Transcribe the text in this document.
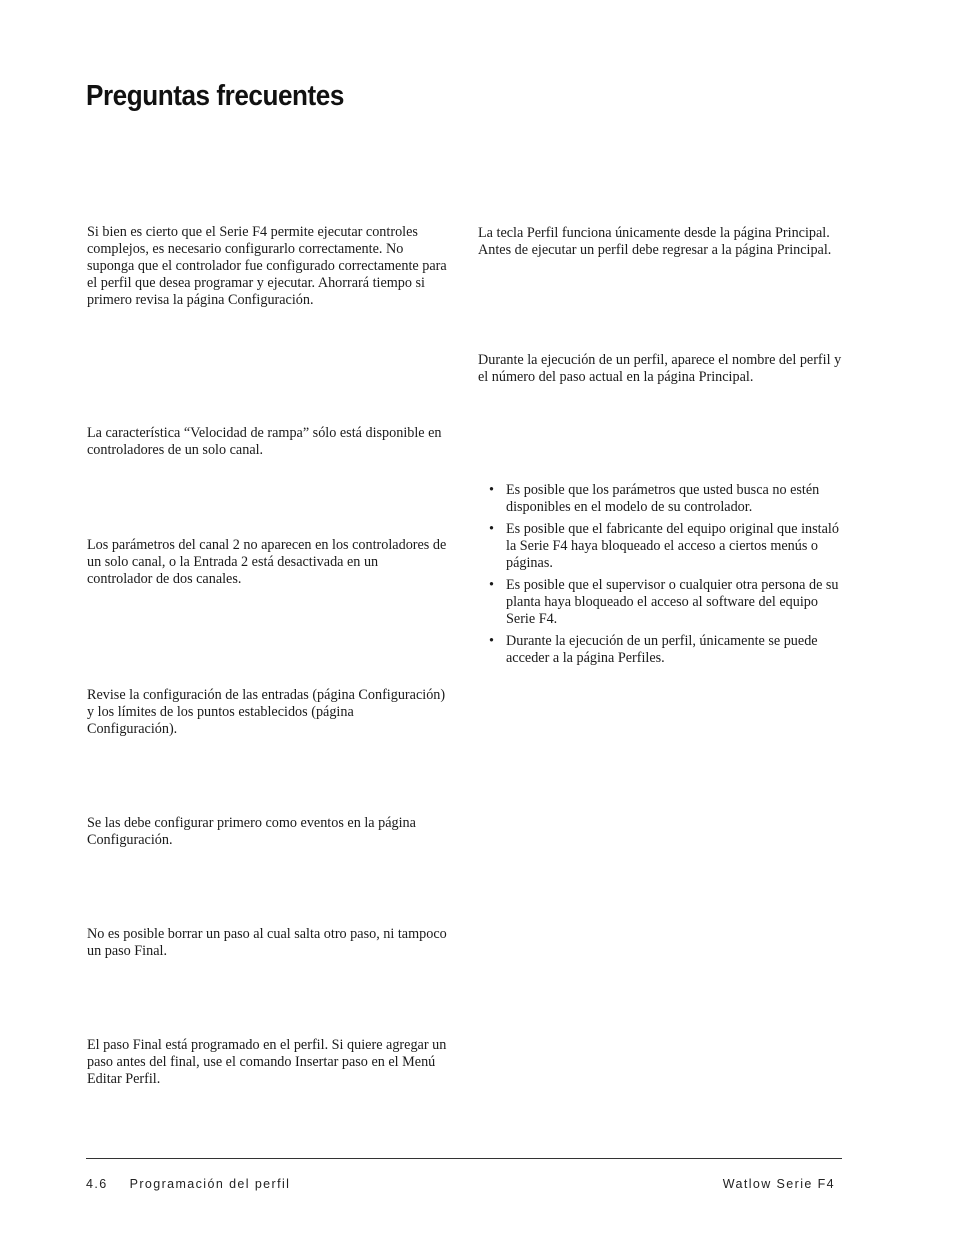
Preguntas frecuentes

Si bien es cierto que el Serie F4 permite ejecutar controles complejos, es necesario configurarlo correctamente. No suponga que el controlador fue configurado correctamente para el perfil que desea programar y ejecutar. Ahorrará tiempo si primero revisa la página Configuración.

La característica “Velocidad de rampa” sólo está disponible en controladores de un solo canal.

Los parámetros del canal 2 no aparecen en los controladores de un solo canal, o la Entrada 2 está desactivada en un controlador de dos canales.

Revise la configuración de las entradas (página Configuración) y los límites de los puntos establecidos (página Configuración).

Se las debe configurar primero como eventos en la página Configuración.

No es posible borrar un paso al cual salta otro paso, ni tampoco un paso Final.

El paso Final está programado en el perfil. Si quiere agregar un paso antes del final, use el comando Insertar paso en el Menú Editar Perfil.

La tecla Perfil funciona únicamente desde la página Principal. Antes de ejecutar un perfil debe regresar a la página Principal.

Durante la ejecución de un perfil, aparece el nombre del perfil y el número del paso actual en la página Principal.

• Es posible que los parámetros que usted busca no estén disponibles en el modelo de su controlador.
• Es posible que el fabricante del equipo original que instaló la Serie F4 haya bloqueado el acceso a ciertos menús o páginas.
• Es posible que el supervisor o cualquier otra persona de su planta haya bloqueado el acceso al software del equipo Serie F4.
• Durante la ejecución de un perfil, únicamente se puede acceder a la página Perfiles.

4.6 Programación del perfil	Watlow Serie F4
